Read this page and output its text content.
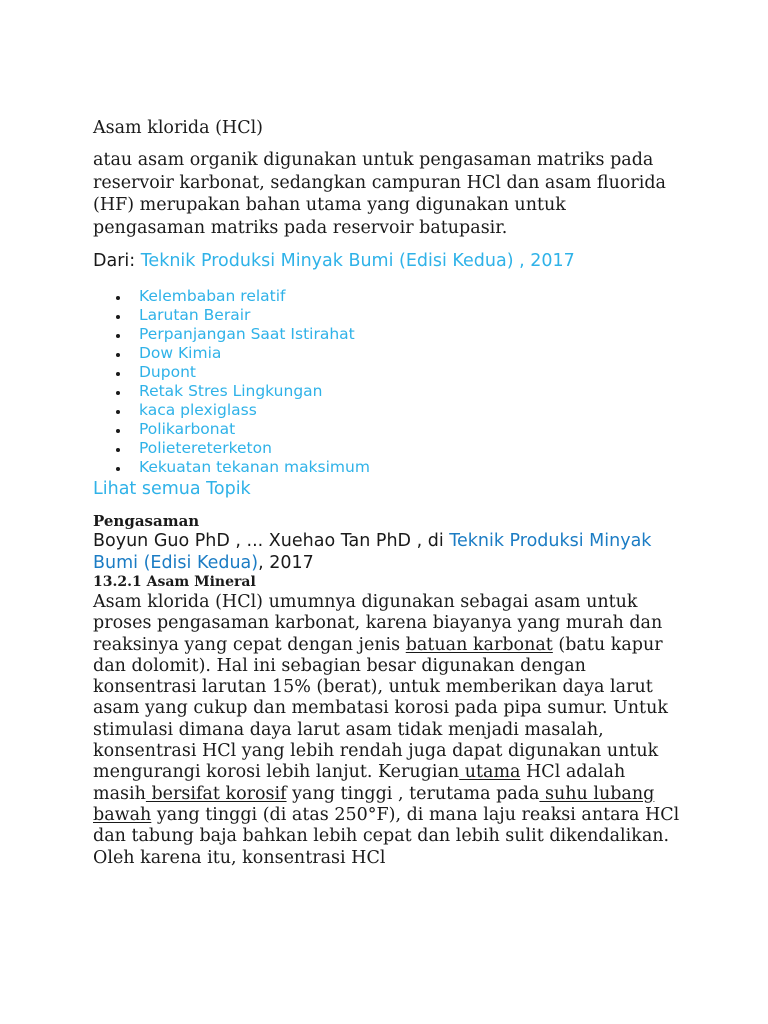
Asam klorida (HCl)

atau asam organik digunakan untuk pengasaman matriks pada reservoir karbonat, sedangkan campuran HCl dan asam fluorida (HF) merupakan bahan utama yang digunakan untuk pengasaman matriks pada reservoir batupasir.

Dari: Teknik Produksi Minyak Bumi (Edisi Kedua) , 2017

Kelembaban relatif
Larutan Berair
Perpanjangan Saat Istirahat
Dow Kimia
Dupont
Retak Stres Lingkungan
kaca plexiglass
Polikarbonat
Polietereterketon
Kekuatan tekanan maksimum
Lihat semua Topik

Pengasaman

Boyun Guo PhD , ... Xuehao Tan PhD , di Teknik Produksi Minyak Bumi (Edisi Kedua), 2017

13.2.1 Asam Mineral

Asam klorida (HCl) umumnya digunakan sebagai asam untuk proses pengasaman karbonat, karena biayanya yang murah dan reaksinya yang cepat dengan jenis batuan karbonat (batu kapur dan dolomit). Hal ini sebagian besar digunakan dengan konsentrasi larutan 15% (berat), untuk memberikan daya larut asam yang cukup dan membatasi korosi pada pipa sumur. Untuk stimulasi dimana daya larut asam tidak menjadi masalah, konsentrasi HCl yang lebih rendah juga dapat digunakan untuk mengurangi korosi lebih lanjut. Kerugian utama HCl adalah masih bersifat korosif yang tinggi , terutama pada suhu lubang bawah yang tinggi (di atas 250°F), di mana laju reaksi antara HCl dan tabung baja bahkan lebih cepat dan lebih sulit dikendalikan. Oleh karena itu, konsentrasi HCl
